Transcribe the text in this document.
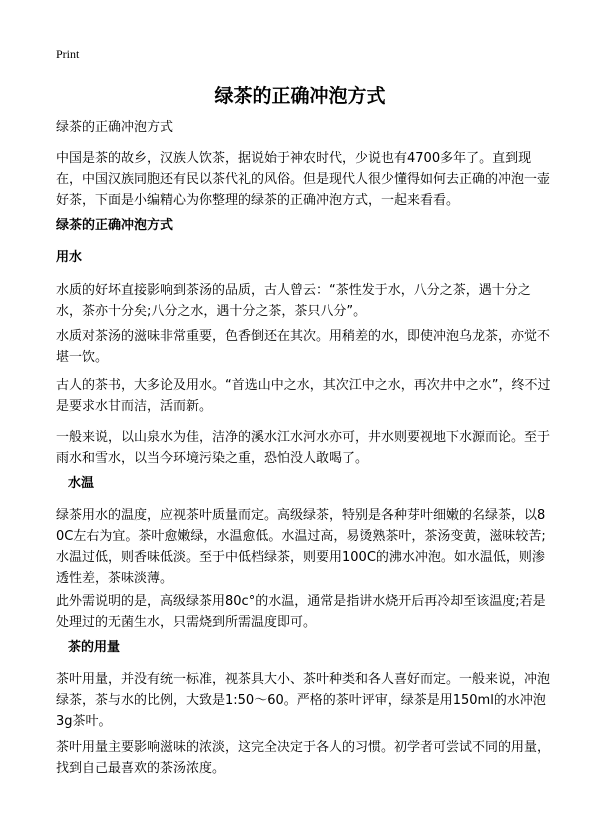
Print
绿茶的正确冲泡方式
绿茶的正确冲泡方式
中国是茶的故乡，汉族人饮茶，据说始于神农时代，少说也有4700多年了。直到现在，中国汉族同胞还有民以茶代礼的风俗。但是现代人很少懂得如何去正确的冲泡一壶好茶，下面是小编精心为你整理的绿茶的正确冲泡方式，一起来看看。
绿茶的正确冲泡方式
用水
水质的好坏直接影响到茶汤的品质，古人曾云：“茶性发于水，八分之茶，遇十分之水，茶亦十分矣;八分之水，遇十分之茶，茶只八分”。
水质对茶汤的滋味非常重要，色香倒还在其次。用稍差的水，即使冲泡乌龙茶，亦觉不堪一饮。
古人的茶书，大多论及用水。“首选山中之水，其次江中之水，再次井中之水”，终不过是要求水甘而洁，活而新。
一般来说，以山泉水为佳，洁净的溪水江水河水亦可，井水则要视地下水源而论。至于雨水和雪水，以当今环境污染之重，恐怕没人敢喝了。
水温
绿茶用水的温度，应视茶叶质量而定。高级绿茶，特别是各种芽叶细嫩的名绿茶，以80C左右为宜。茶叶愈嫩绿，水温愈低。水温过高，易烫熟茶叶，茶汤变黄，滋味较苦;水温过低，则香味低淡。至于中低档绿茶，则要用100C的沸水冲泡。如水温低，则渗透性差，茶味淡薄。
此外需说明的是，高级绿茶用80c°的水温，通常是指讲水烧开后再冷却至该温度;若是处理过的无菌生水，只需烧到所需温度即可。
茶的用量
茶叶用量，并没有统一标准，视茶具大小、茶叶种类和各人喜好而定。一般来说，冲泡绿茶，茶与水的比例，大致是1:50～60。严格的茶叶评审，绿茶是用150ml的水冲泡3g茶叶。
茶叶用量主要影响滋味的浓淡，这完全决定于各人的习惯。初学者可尝试不同的用量，找到自己最喜欢的茶汤浓度。
